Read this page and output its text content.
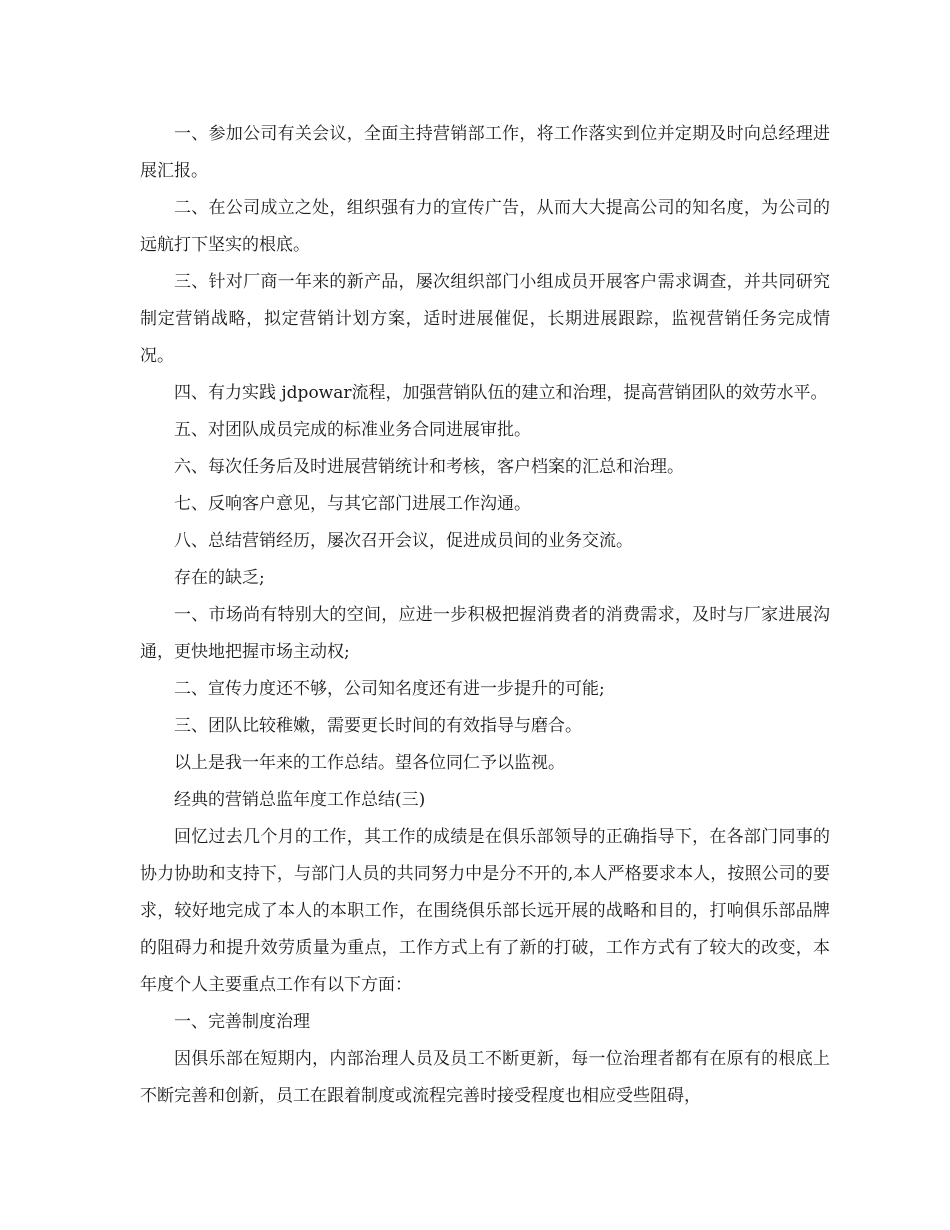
一、参加公司有关会议，全面主持营销部工作，将工作落实到位并定期及时向总经理进展汇报。

二、在公司成立之处，组织强有力的宣传广告，从而大大提高公司的知名度，为公司的远航打下坚实的根底。

三、针对厂商一年来的新产品，屡次组织部门小组成员开展客户需求调查，并共同研究制定营销战略，拟定营销计划方案，适时进展催促，长期进展跟踪，监视营销任务完成情况。

四、有力实践 jdpowar流程，加强营销队伍的建立和治理，提高营销团队的效劳水平。

五、对团队成员完成的标准业务合同进展审批。

六、每次任务后及时进展营销统计和考核，客户档案的汇总和治理。

七、反响客户意见，与其它部门进展工作沟通。

八、总结营销经历，屡次召开会议，促进成员间的业务交流。

存在的缺乏;

一、市场尚有特别大的空间，应进一步积极把握消费者的消费需求，及时与厂家进展沟通，更快地把握市场主动权;

二、宣传力度还不够，公司知名度还有进一步提升的可能;

三、团队比较稚嫩，需要更长时间的有效指导与磨合。

以上是我一年来的工作总结。望各位同仁予以监视。

经典的营销总监年度工作总结(三)

回忆过去几个月的工作，其工作的成绩是在俱乐部领导的正确指导下，在各部门同事的协力协助和支持下，与部门人员的共同努力中是分不开的,本人严格要求本人，按照公司的要求，较好地完成了本人的本职工作，在围绕俱乐部长远开展的战略和目的，打响俱乐部品牌的阻碍力和提升效劳质量为重点，工作方式上有了新的打破，工作方式有了较大的改变，本年度个人主要重点工作有以下方面：

一、完善制度治理

因俱乐部在短期内，内部治理人员及员工不断更新，每一位治理者都有在原有的根底上不断完善和创新，员工在跟着制度或流程完善时接受程度也相应受些阻碍，
